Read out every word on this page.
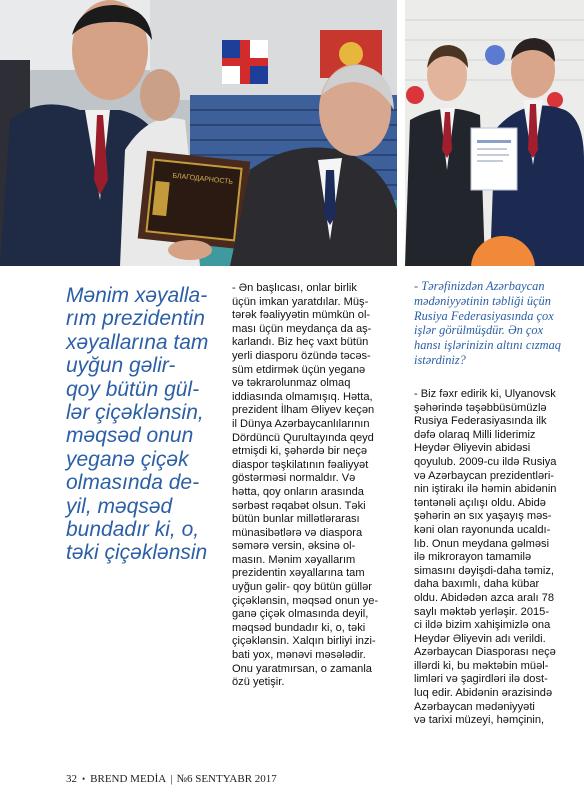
БЛАГОДАРНОСТЬ
Mənim xəyalla-
rım prezidentin
xəyallarına tam
uyğun gəlir-
qoy bütün gül-
lər çiçəklənsin,
məqsəd onun
yeganə çiçək
olmasında de-
yil, məqsəd
bundadır ki, o,
təki çiçəklənsin
- Ən başlıcası, onlar birlik
üçün imkan yaratdılar. Müş-
tərək fəaliyyətin mümkün ol-
ması üçün meydança da aş-
karlandı. Biz heç vaxt bütün
yerli diasporu özündə təcəs-
süm etdirmək üçün yeganə
və təkrarolunmaz olmaq
iddiasında olmamışıq. Hətta,
prezident İlham Əliyev keçən
il Dünya Azərbaycanlılarının
Dördüncü Qurultayında qeyd
etmişdi ki, şəhərdə bir neçə
diaspor təşkilatının fəaliyyət
göstərməsi normaldır. Və
hətta, qoy onların arasında
sərbəst rəqabət olsun. Təki
bütün bunlar millətlərarası
münasibətlərə və diaspora
səmərə versin, əksinə ol-
masın. Mənim xəyallarım
prezidentin xəyallarına tam
uyğun gəlir- qoy bütün güllər
çiçəklənsin, məqsəd onun ye-
ganə çiçək olmasında deyil,
məqsəd bundadır ki, o, təki
çiçəklənsin. Xalqın birliyi inzi-
bati yox, mənəvi məsələdir.
Onu yaratmırsan, o zamanla
özü yetişir.
- Tərəfinizdən Azərbaycan
mədəniyyətinin təbliği üçün
Rusiya Federasiyasında çox
işlər görülmüşdür. Ən çox
hansı işlərinizin altını cızmaq
istərdiniz?
- Biz fəxr edirik ki, Ulyanovsk
şəhərində təşəbbüsümüzlə
Rusiya Federasiyasında ilk
dəfə olaraq Milli liderimiz
Heydər Əliyevin abidəsi
qoyulub. 2009-cu ildə Rusiya
və Azərbaycan prezidentləri-
nin iştirakı ilə həmin abidənin
təntənəli açılışı oldu. Abidə
şəhərin ən sıx yaşayış məs-
kəni olan rayonunda ucaldı-
lıb. Onun meydana gəlməsi
ilə mikrorayon tamamilə
simasını dəyişdi-daha təmiz,
daha baxımlı, daha kübar
oldu. Abidədən azca aralı 78
saylı məktəb yerləşir. 2015-
ci ildə bizim xahişimizlə ona
Heydər Əliyevin adı verildi.
Azərbaycan Diasporası neçə
illərdi ki, bu məktəbin müəl-
limləri və şagirdləri ilə dost-
luq edir. Abidənin ərazisində
Azərbaycan mədəniyyəti
və tarixi müzeyi, həmçinin,
32 • BREND MEDİA | №6 SENTYABR 2017
